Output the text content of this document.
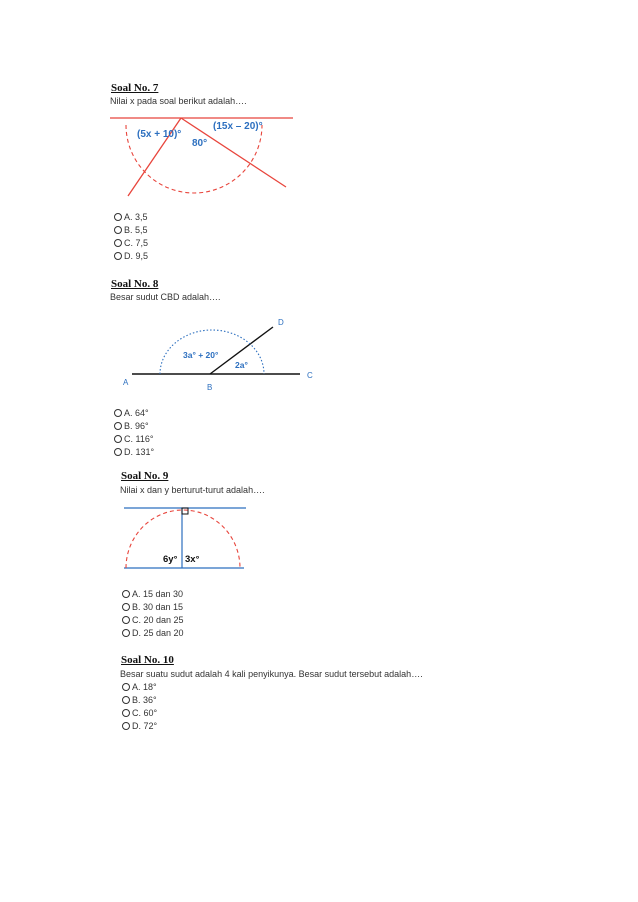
Soal No. 7
Nilai x pada soal berikut adalah….
(5x + 10)°
80°
(15x – 20)°
A. 3,5
B. 5,5
C. 7,5
D. 9,5
Soal No. 8
Besar sudut CBD adalah….
3a° + 20°
2a°
A
B
C
D
A. 64°
B. 96°
C. 116°
D. 131°
Soal No. 9
Nilai x dan y berturut-turut adalah….
6y° 3x°
A. 15 dan 30
B. 30 dan 15
C. 20 dan 25
D. 25 dan 20
Soal No. 10
Besar suatu sudut adalah 4 kali penyikunya. Besar sudut tersebut adalah….
A. 18°
B. 36°
C. 60°
D. 72°
